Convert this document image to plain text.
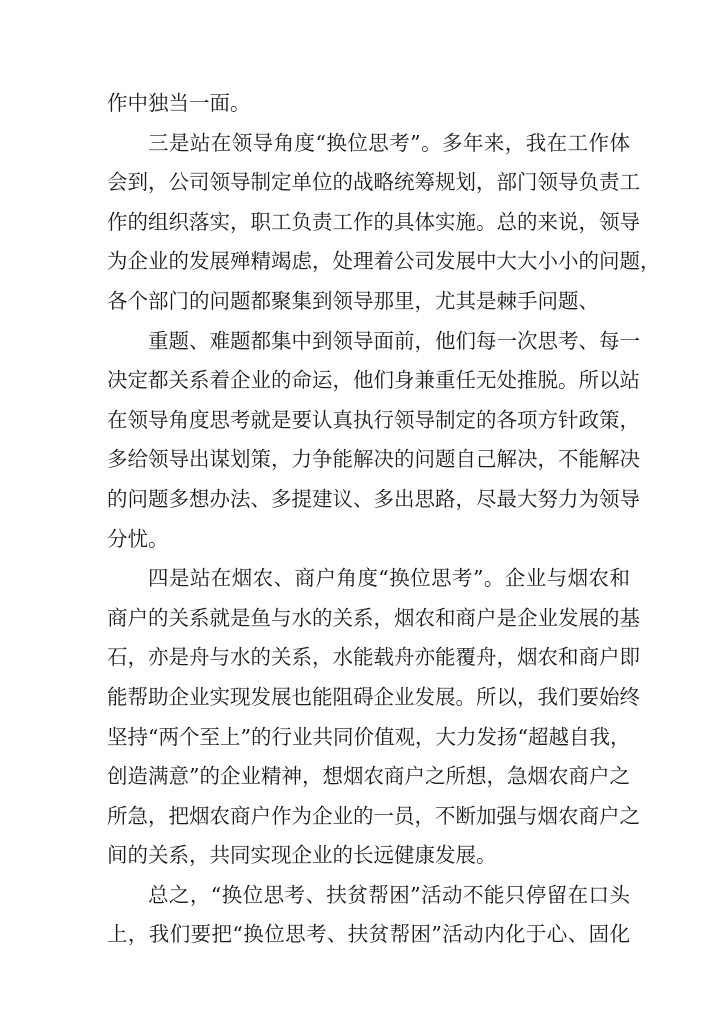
作中独当一面。
三是站在领导角度“换位思考”。多年来，我在工作体
会到，公司领导制定单位的战略统筹规划，部门领导负责工
作的组织落实，职工负责工作的具体实施。总的来说，领导
为企业的发展殚精竭虑，处理着公司发展中大大小小的问题，
各个部门的问题都聚集到领导那里，尤其是棘手问题、
重题、难题都集中到领导面前，他们每一次思考、每一
决定都关系着企业的命运，他们身兼重任无处推脱。所以站
在领导角度思考就是要认真执行领导制定的各项方针政策，
多给领导出谋划策，力争能解决的问题自己解决，不能解决
的问题多想办法、多提建议、多出思路，尽最大努力为领导
分忧。
四是站在烟农、商户角度“换位思考”。企业与烟农和
商户的关系就是鱼与水的关系，烟农和商户是企业发展的基
石，亦是舟与水的关系，水能载舟亦能覆舟，烟农和商户即
能帮助企业实现发展也能阻碍企业发展。所以，我们要始终
坚持“两个至上”的行业共同价值观，大力发扬“超越自我，
创造满意”的企业精神，想烟农商户之所想，急烟农商户之
所急，把烟农商户作为企业的一员，不断加强与烟农商户之
间的关系，共同实现企业的长远健康发展。
总之，“换位思考、扶贫帮困”活动不能只停留在口头
上，我们要把“换位思考、扶贫帮困”活动内化于心、固化
